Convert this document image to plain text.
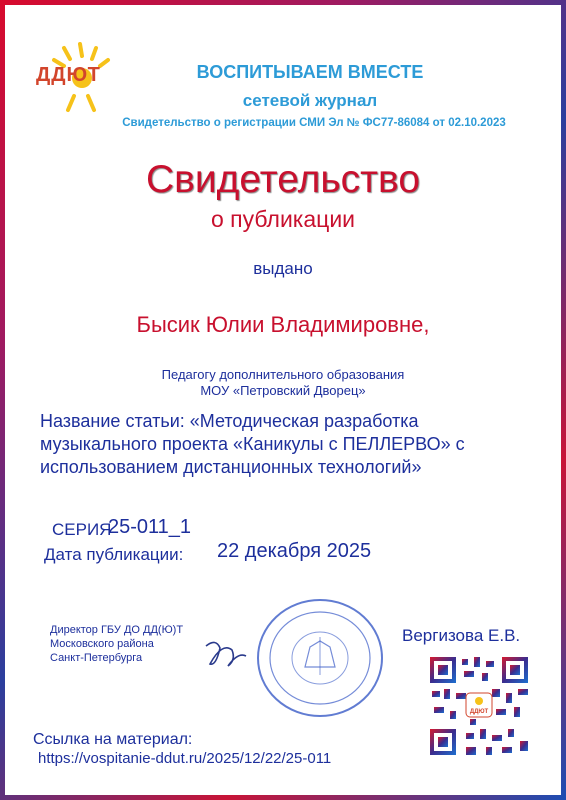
ДДЮТ	ВОСПИТЫВАЕМ ВМЕСТЕ
сетевой журнал
Свидетельство о регистрации СМИ Эл № ФС77-86084 от 02.10.2023
Свидетельство
о публикации
выдано
Бысик Юлии Владимировне,
Педагогу дополнительного образования
МОУ «Петровский Дворец»
Название статьи: «Методическая разработка
музыкального проекта «Каникулы с ПЕЛЛЕРВО» с
использованием дистанционных технологий»
СЕРИЯ
25-011_1
Дата публикации: 22 декабря 2025
Директор ГБУ ДО ДД(Ю)Т
Московского района
Санкт-Петербурга
Вергизова Е.В.
ДДЮТ
Ссылка на материал:
https://vospitanie-ddut.ru/2025/12/22/25-011
